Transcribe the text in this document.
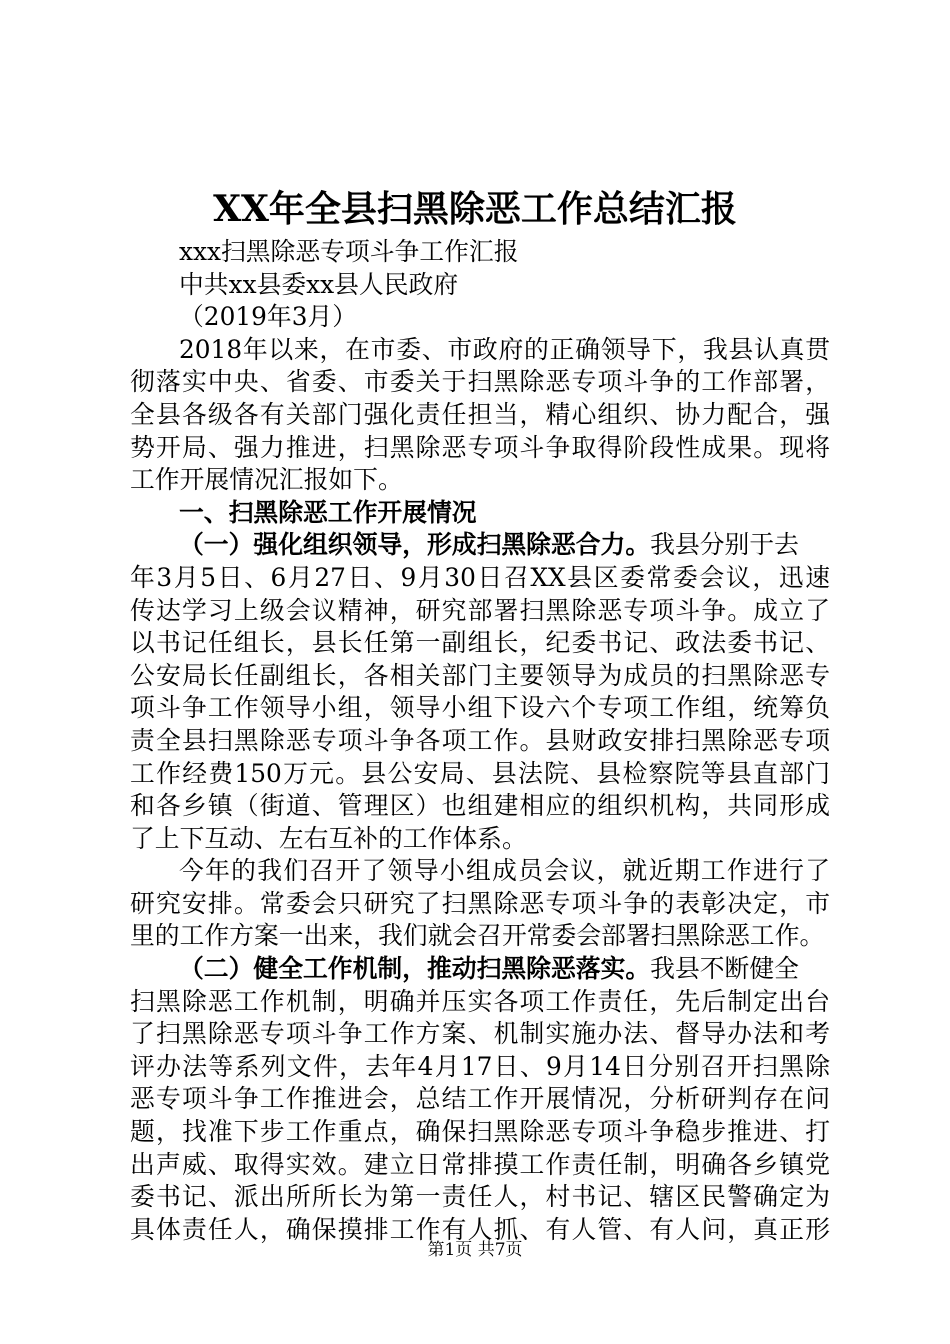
XX年全县扫黑除恶工作总结汇报
xxx扫黑除恶专项斗争工作汇报
中共xx县委xx县人民政府
（2019年3月）
2018年以来，在市委、市政府的正确领导下，我县认真贯
彻落实中央、省委、市委关于扫黑除恶专项斗争的工作部署，
全县各级各有关部门强化责任担当，精心组织、协力配合，强
势开局、强力推进，扫黑除恶专项斗争取得阶段性成果。现将
工作开展情况汇报如下。
一、扫黑除恶工作开展情况
（一）强化组织领导，形成扫黑除恶合力。我县分别于去
年3月5日、6月27日、9月30日召XX县区委常委会议，迅速
传达学习上级会议精神，研究部署扫黑除恶专项斗争。成立了
以书记任组长，县长任第一副组长，纪委书记、政法委书记、
公安局长任副组长，各相关部门主要领导为成员的扫黑除恶专
项斗争工作领导小组，领导小组下设六个专项工作组，统筹负
责全县扫黑除恶专项斗争各项工作。县财政安排扫黑除恶专项
工作经费150万元。县公安局、县法院、县检察院等县直部门
和各乡镇（街道、管理区）也组建相应的组织机构，共同形成
了上下互动、左右互补的工作体系。
今年的我们召开了领导小组成员会议，就近期工作进行了
研究安排。常委会只研究了扫黑除恶专项斗争的表彰决定，市
里的工作方案一出来，我们就会召开常委会部署扫黑除恶工作。
（二）健全工作机制，推动扫黑除恶落实。我县不断健全
扫黑除恶工作机制，明确并压实各项工作责任，先后制定出台
了扫黑除恶专项斗争工作方案、机制实施办法、督导办法和考
评办法等系列文件，去年4月17日、9月14日分别召开扫黑除
恶专项斗争工作推进会，总结工作开展情况，分析研判存在问
题，找准下步工作重点，确保扫黑除恶专项斗争稳步推进、打
出声威、取得实效。建立日常排摸工作责任制，明确各乡镇党
委书记、派出所所长为第一责任人，村书记、辖区民警确定为
具体责任人，确保摸排工作有人抓、有人管、有人问，真正形
第1页 共7页
